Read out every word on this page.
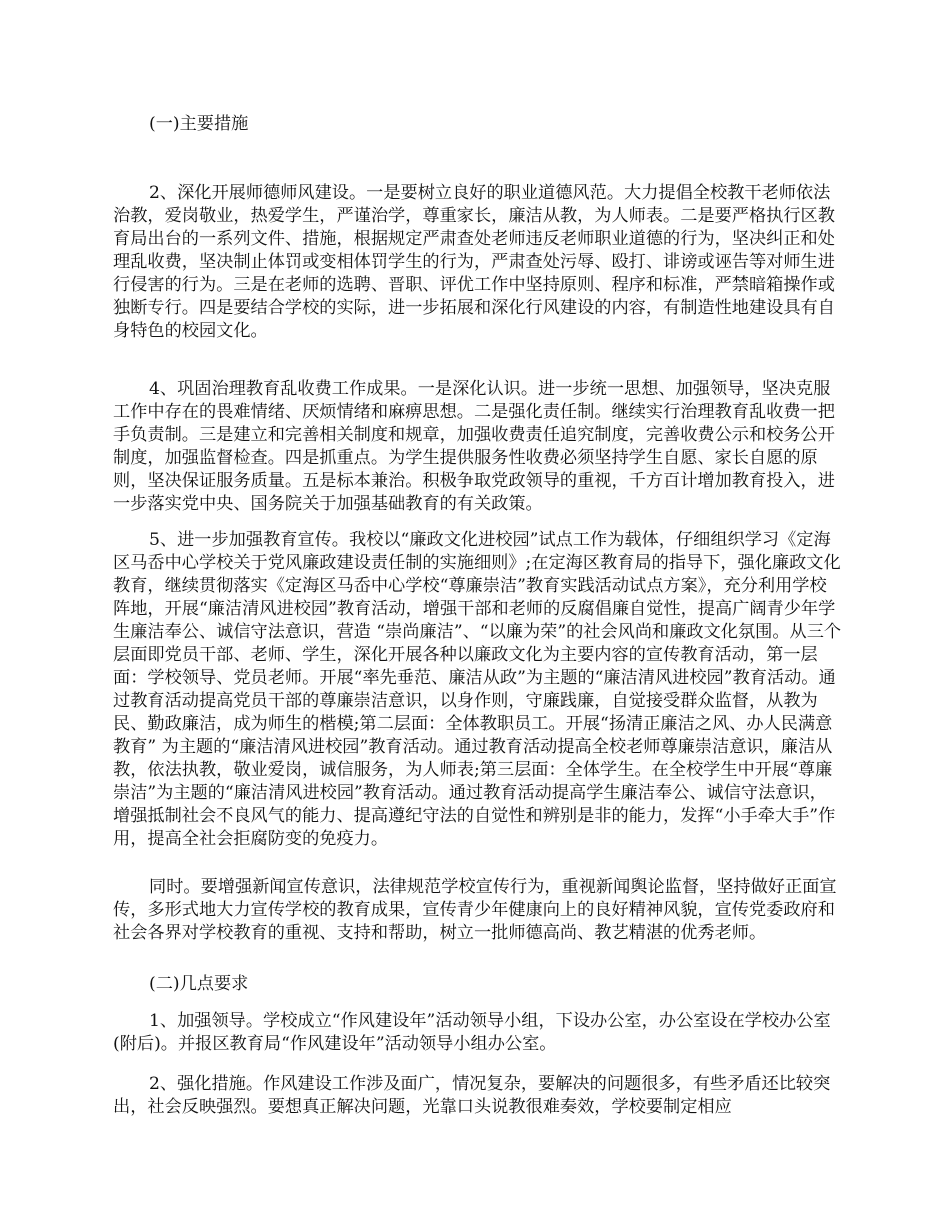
(一)主要措施

2、深化开展师德师风建设。一是要树立良好的职业道德风范。大力提倡全校教干老师依法治教，爱岗敬业，热爱学生，严谨治学，尊重家长，廉洁从教，为人师表。二是要严格执行区教育局出台的一系列文件、措施，根据规定严肃查处老师违反老师职业道德的行为，坚决纠正和处理乱收费，坚决制止体罚或变相体罚学生的行为，严肃查处污辱、殴打、诽谤或诬告等对师生进行侵害的行为。三是在老师的选聘、晋职、评优工作中坚持原则、程序和标准，严禁暗箱操作或独断专行。四是要结合学校的实际，进一步拓展和深化行风建设的内容，有制造性地建设具有自身特色的校园文化。

4、巩固治理教育乱收费工作成果。一是深化认识。进一步统一思想、加强领导，坚决克服工作中存在的畏难情绪、厌烦情绪和麻痹思想。二是强化责任制。继续实行治理教育乱收费一把手负责制。三是建立和完善相关制度和规章，加强收费责任追究制度，完善收费公示和校务公开制度，加强监督检查。四是抓重点。为学生提供服务性收费必须坚持学生自愿、家长自愿的原则，坚决保证服务质量。五是标本兼治。积极争取党政领导的重视，千方百计增加教育投入，进一步落实党中央、国务院关于加强基础教育的有关政策。

5、进一步加强教育宣传。我校以“廉政文化进校园”试点工作为载体，仔细组织学习《定海区马岙中心学校关于党风廉政建设责任制的实施细则》;在定海区教育局的指导下，强化廉政文化教育，继续贯彻落实《定海区马岙中心学校“尊廉崇洁”教育实践活动试点方案》，充分利用学校阵地，开展“廉洁清风进校园”教育活动，增强干部和老师的反腐倡廉自觉性，提高广阔青少年学生廉洁奉公、诚信守法意识，营造 “崇尚廉洁”、“以廉为荣”的社会风尚和廉政文化氛围。从三个层面即党员干部、老师、学生，深化开展各种以廉政文化为主要内容的宣传教育活动，第一层面：学校领导、党员老师。开展“率先垂范、廉洁从政”为主题的“廉洁清风进校园”教育活动。通过教育活动提高党员干部的尊廉崇洁意识，以身作则，守廉践廉，自觉接受群众监督，从教为民、勤政廉洁，成为师生的楷模;第二层面：全体教职员工。开展“扬清正廉洁之风、办人民满意教育” 为主题的“廉洁清风进校园”教育活动。通过教育活动提高全校老师尊廉崇洁意识，廉洁从教，依法执教，敬业爱岗，诚信服务，为人师表;第三层面：全体学生。在全校学生中开展“尊廉崇洁”为主题的“廉洁清风进校园”教育活动。通过教育活动提高学生廉洁奉公、诚信守法意识，增强抵制社会不良风气的能力、提高遵纪守法的自觉性和辨别是非的能力，发挥“小手牵大手”作用，提高全社会拒腐防变的免疫力。

同时。要增强新闻宣传意识，法律规范学校宣传行为，重视新闻舆论监督，坚持做好正面宣传，多形式地大力宣传学校的教育成果，宣传青少年健康向上的良好精神风貌，宣传党委政府和社会各界对学校教育的重视、支持和帮助，树立一批师德高尚、教艺精湛的优秀老师。

(二)几点要求

1、加强领导。学校成立“作风建设年”活动领导小组，下设办公室，办公室设在学校办公室(附后)。并报区教育局“作风建设年”活动领导小组办公室。

2、强化措施。作风建设工作涉及面广，情况复杂，要解决的问题很多，有些矛盾还比较突出，社会反映强烈。要想真正解决问题，光靠口头说教很难奏效，学校要制定相应
